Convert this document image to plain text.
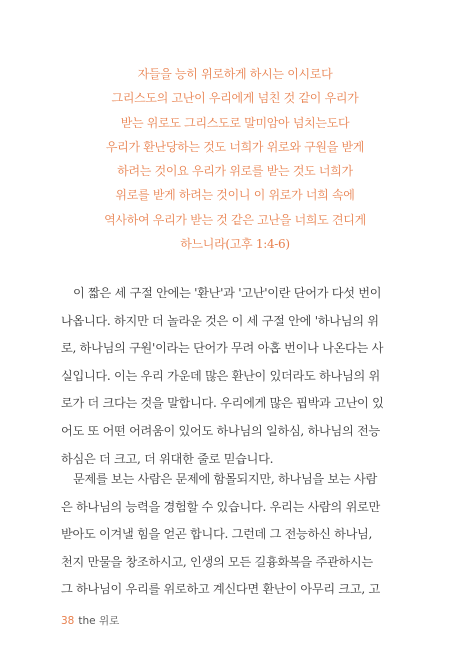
자들을 능히 위로하게 하시는 이시로다
그리스도의 고난이 우리에게 넘친 것 같이 우리가
받는 위로도 그리스도로 말미암아 넘치는도다
우리가 환난당하는 것도 너희가 위로와 구원을 받게
하려는 것이요 우리가 위로를 받는 것도 너희가
위로를 받게 하려는 것이니 이 위로가 너희 속에
역사하여 우리가 받는 것 같은 고난을 너희도 견디게
하느니라(고후 1:4-6)
이 짧은 세 구절 안에는 '환난'과 '고난'이란 단어가 다섯 번이
나옵니다. 하지만 더 놀라운 것은 이 세 구절 안에 '하나님의 위
로, 하나님의 구원'이라는 단어가 무려 아홉 번이나 나온다는 사
실입니다. 이는 우리 가운데 많은 환난이 있더라도 하나님의 위
로가 더 크다는 것을 말합니다. 우리에게 많은 핍박과 고난이 있
어도 또 어떤 어려움이 있어도 하나님의 일하심, 하나님의 전능
하심은 더 크고, 더 위대한 줄로 믿습니다.
문제를 보는 사람은 문제에 함몰되지만, 하나님을 보는 사람
은 하나님의 능력을 경험할 수 있습니다. 우리는 사람의 위로만
받아도 이겨낼 힘을 얻곤 합니다. 그런데 그 전능하신 하나님,
천지 만물을 창조하시고, 인생의 모든 길흉화복을 주관하시는
그 하나님이 우리를 위로하고 계신다면 환난이 아무리 크고, 고
38 the 위로
